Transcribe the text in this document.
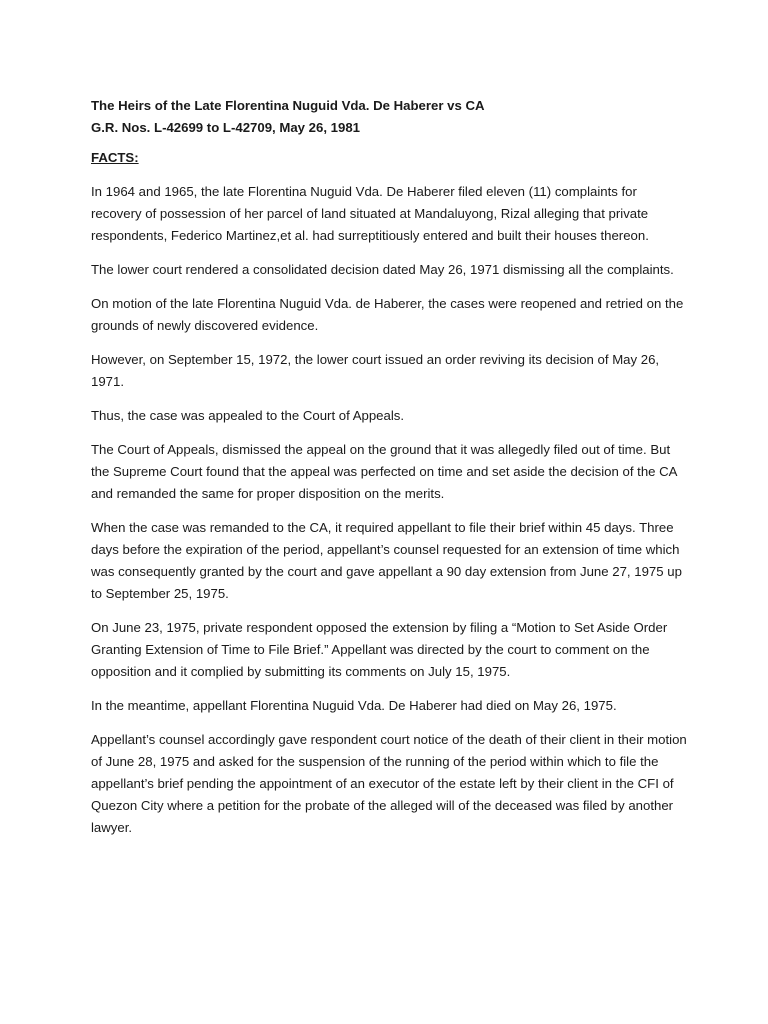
The Heirs of the Late Florentina Nuguid Vda. De Haberer vs CA

G.R. Nos. L-42699 to L-42709, May 26, 1981

FACTS:

In 1964 and 1965, the late Florentina Nuguid Vda. De Haberer filed eleven (11) complaints for recovery of possession of her parcel of land situated at Mandaluyong, Rizal alleging that private respondents, Federico Martinez,et al. had surreptitiously entered and built their houses thereon.

The lower court rendered a consolidated decision dated May 26, 1971 dismissing all the complaints.

On motion of the late Florentina Nuguid Vda. de Haberer, the cases were reopened and retried on the grounds of newly discovered evidence.

However, on September 15, 1972, the lower court issued an order reviving its decision of May 26, 1971.

Thus, the case was appealed to the Court of Appeals.

The Court of Appeals, dismissed the appeal on the ground that it was allegedly filed out of time. But the Supreme Court found that the appeal was perfected on time and set aside the decision of the CA and remanded the same for proper disposition on the merits.

When the case was remanded to the CA, it required appellant to file their brief within 45 days. Three days before the expiration of the period, appellant’s counsel requested for an extension of time which was consequently granted by the court and gave appellant a 90 day extension from June 27, 1975 up to September 25, 1975.

On June 23, 1975, private respondent opposed the extension by filing a “Motion to Set Aside Order Granting Extension of Time to File Brief.” Appellant was directed by the court to comment on the opposition and it complied by submitting its comments on July 15, 1975.

In the meantime, appellant Florentina Nuguid Vda. De Haberer had died on May 26, 1975.

Appellant’s counsel accordingly gave respondent court notice of the death of their client in their motion of June 28, 1975 and asked for the suspension of the running of the period within which to file the appellant’s brief pending the appointment of an executor of the estate left by their client in the CFI of Quezon City where a petition for the probate of the alleged will of the deceased was filed by another lawyer.
